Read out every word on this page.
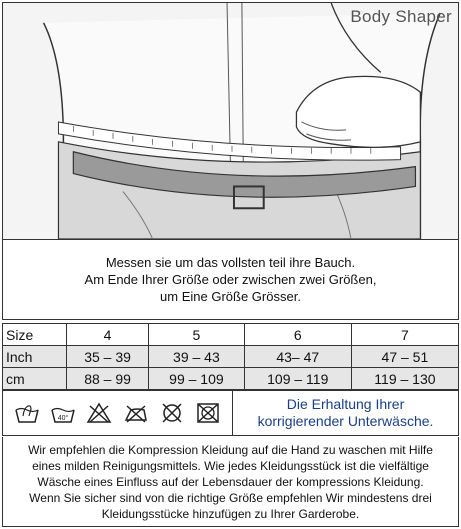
Body Shaper
Messen sie um das vollsten teil ihre Bauch.
Am Ende Ihrer Größe oder zwischen zwei Größen,
um Eine Größe Grösser.
Size	4	5	6	7
Inch	35 – 39	39 – 43	43– 47	47 – 51
cm	88 – 99	99 – 109	109 – 119	119 – 130
40°
Die Erhaltung Ihrer
korrigierender Unterwäsche.
Wir empfehlen die Kompression Kleidung auf die Hand zu waschen mit Hilfe
eines milden Reinigungsmittels. Wie jedes Kleidungsstück ist die vielfältige
Wäsche eines Einfluss auf der Lebensdauer der kompressions Kleidung.
Wenn Sie sicher sind von die richtige Größe empfehlen Wir mindestens drei
Kleidungsstücke hinzufügen zu Ihrer Garderobe.
